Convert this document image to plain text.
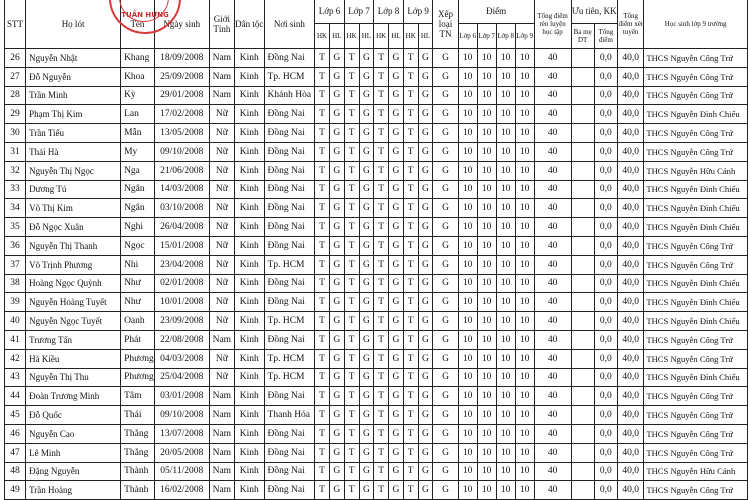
TUẤN HƯNG
STT	Họ lót	Tên	Ngày sinh	Giới Tính	Dân tộc	Nơi sinh	Lớp 6		Lớp 7		Lớp 8		Lớp 9		Xếp loại TN	Điểm				Tổng điểm rèn luyện học tập	Ưu tiên, KK		Tổng điểm xét tuyển	Học sinh lớp 9 trường
							HK	HL	HK	HL	HK	HL	HK	HL		Lớp 6	Lớp 7	Lớp 8	Lớp 9		Ba mẹ DT	Tổng điểm		
26	Nguyễn Nhật	Khang	18/09/2008	Nam	Kinh	Đồng Nai	T	G	T	G	T	G	T	G	G	10	10	10	10	40		0,0	40,0	THCS Nguyễn Công Trứ
27	Đỗ Nguyễn	Khoa	25/09/2008	Nam	Kinh	Tp. HCM	T	G	T	G	T	G	T	G	G	10	10	10	10	40		0,0	40,0	THCS Nguyễn Công Trứ
28	Trần Minh	Kỳ	29/01/2008	Nam	Kinh	Khánh Hòa	T	G	T	G	T	G	T	G	G	10	10	10	10	40		0,0	40,0	THCS Nguyễn Công Trứ
29	Phạm Thị Kim	Lan	17/02/2008	Nữ	Kinh	Đồng Nai	T	G	T	G	T	G	T	G	G	10	10	10	10	40		0,0	40,0	THCS Nguyễn Đình Chiểu
30	Trần Tiểu	Mẫn	13/05/2008	Nữ	Kinh	Đồng Nai	T	G	T	G	T	G	T	G	G	10	10	10	10	40		0,0	40,0	THCS Nguyễn Công Trứ
31	Thái Hà	My	09/10/2008	Nữ	Kinh	Đồng Nai	T	G	T	G	T	G	T	G	G	10	10	10	10	40		0,0	40,0	THCS Nguyễn Công Trứ
32	Nguyễn Thị Ngọc	Nga	21/06/2008	Nữ	Kinh	Đồng Nai	T	G	T	G	T	G	T	G	G	10	10	10	10	40		0,0	40,0	THCS Nguyễn Hữu Cảnh
33	Dương Tú	Ngân	14/03/2008	Nữ	Kinh	Đồng Nai	T	G	T	G	T	G	T	G	G	10	10	10	10	40		0,0	40,0	THCS Nguyễn Đình Chiểu
34	Võ Thị Kim	Ngân	03/10/2008	Nữ	Kinh	Đồng Nai	T	G	T	G	T	G	T	G	G	10	10	10	10	40		0,0	40,0	THCS Nguyễn Đình Chiểu
35	Đỗ Ngọc Xuân	Nghi	26/04/2008	Nữ	Kinh	Đồng Nai	T	G	T	G	T	G	T	G	G	10	10	10	10	40		0,0	40,0	THCS Nguyễn Đình Chiểu
36	Nguyễn Thị Thanh	Ngọc	15/01/2008	Nữ	Kinh	Đồng Nai	T	G	T	G	T	G	T	G	G	10	10	10	10	40		0,0	40,0	THCS Nguyễn Công Trứ
37	Võ Trịnh Phương	Nhi	23/04/2008	Nữ	Kinh	Tp. HCM	T	G	T	G	T	G	T	G	G	10	10	10	10	40		0,0	40,0	THCS Nguyễn Công Trứ
38	Hoàng Ngọc Quỳnh	Như	02/01/2008	Nữ	Kinh	Đồng Nai	T	G	T	G	T	G	T	G	G	10	10	10	10	40		0,0	40,0	THCS Nguyễn Đình Chiểu
39	Nguyễn Hoàng Tuyết	Như	10/01/2008	Nữ	Kinh	Đồng Nai	T	G	T	G	T	G	T	G	G	10	10	10	10	40		0,0	40,0	THCS Nguyễn Đình Chiểu
40	Nguyễn Ngọc Tuyết	Oanh	23/09/2008	Nữ	Kinh	Tp. HCM	T	G	T	G	T	G	T	G	G	10	10	10	10	40		0,0	40,0	THCS Nguyễn Đình Chiểu
41	Trương Tấn	Phát	22/08/2008	Nam	Kinh	Đồng Nai	T	G	T	G	T	G	T	G	G	10	10	10	10	40		0,0	40,0	THCS Nguyễn Công Trứ
42	Hà Kiều	Phương	04/03/2008	Nữ	Kinh	Tp. HCM	T	G	T	G	T	G	T	G	G	10	10	10	10	40		0,0	40,0	THCS Nguyễn Công Trứ
43	Nguyễn Thị Thu	Phương	25/04/2008	Nữ	Kinh	Tp. HCM	T	G	T	G	T	G	T	G	G	10	10	10	10	40		0,0	40,0	THCS Nguyễn Đình Chiểu
44	Đoàn Trương Minh	Tâm	03/01/2008	Nam	Kinh	Đồng Nai	T	G	T	G	T	G	T	G	G	10	10	10	10	40		0,0	40,0	THCS Nguyễn Công Trứ
45	Đỗ Quốc	Thái	09/10/2008	Nam	Kinh	Thanh Hóa	T	G	T	G	T	G	T	G	G	10	10	10	10	40		0,0	40,0	THCS Nguyễn Công Trứ
46	Nguyễn Cao	Thắng	13/07/2008	Nam	Kinh	Đồng Nai	T	G	T	G	T	G	T	G	G	10	10	10	10	40		0,0	40,0	THCS Nguyễn Công Trứ
47	Lê Minh	Thắng	20/05/2008	Nam	Kinh	Đồng Nai	T	G	T	G	T	G	T	G	G	10	10	10	10	40		0,0	40,0	THCS Nguyễn Công Trứ
48	Đặng Nguyễn	Thành	05/11/2008	Nam	Kinh	Đồng Nai	T	G	T	G	T	G	T	G	G	10	10	10	10	40		0,0	40,0	THCS Nguyễn Hữu Cảnh
49	Trần Hoàng	Thành	16/02/2008	Nam	Kinh	Đồng Nai	T	G	T	G	T	G	T	G	G	10	10	10	10	40		0,0	40,0	THCS Nguyễn Công Trứ
